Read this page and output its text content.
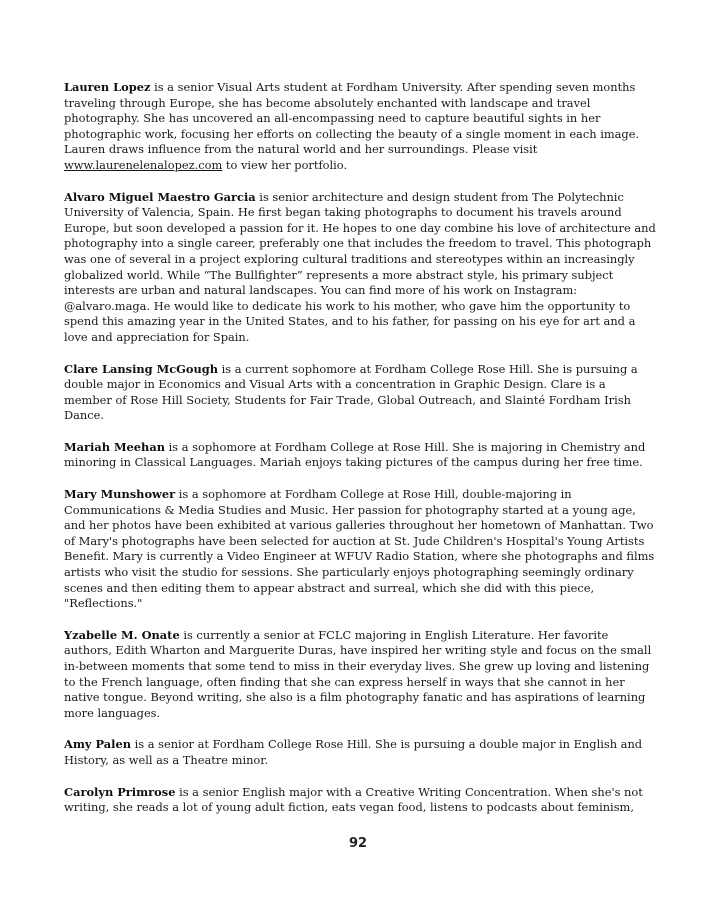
Lauren Lopez is a senior Visual Arts student at Fordham University. After spending seven months traveling through Europe, she has become absolutely enchanted with landscape and travel photography. She has uncovered an all-encompassing need to capture beautiful sights in her photographic work, focusing her efforts on collecting the beauty of a single moment in each image. Lauren draws influence from the natural world and her surroundings. Please visit www.laurenelenalopez.com to view her portfolio.

Alvaro Miguel Maestro Garcia is senior architecture and design student from The Polytechnic University of Valencia, Spain. He first began taking photographs to document his travels around Europe, but soon developed a passion for it. He hopes to one day combine his love of architecture and photography into a single career, preferably one that includes the freedom to travel. This photograph was one of several in a project exploring cultural traditions and stereotypes within an increasingly globalized world. While “The Bullfighter” represents a more abstract style, his primary subject interests are urban and natural landscapes. You can find more of his work on Instagram: @alvaro.maga. He would like to dedicate his work to his mother, who gave him the opportunity to spend this amazing year in the United States, and to his father, for passing on his eye for art and a love and appreciation for Spain.

Clare Lansing McGough is a current sophomore at Fordham College Rose Hill. She is pursuing a double major in Economics and Visual Arts with a concentration in Graphic Design. Clare is a member of Rose Hill Society, Students for Fair Trade, Global Outreach, and Slainté Fordham Irish Dance.

Mariah Meehan is a sophomore at Fordham College at Rose Hill. She is majoring in Chemistry and minoring in Classical Languages. Mariah enjoys taking pictures of the campus during her free time.

Mary Munshower is a sophomore at Fordham College at Rose Hill, double-majoring in Communications & Media Studies and Music. Her passion for photography started at a young age, and her photos have been exhibited at various galleries throughout her hometown of Manhattan. Two of Mary's photographs have been selected for auction at St. Jude Children's Hospital's Young Artists Benefit. Mary is currently a Video Engineer at WFUV Radio Station, where she photographs and films artists who visit the studio for sessions. She particularly enjoys photographing seemingly ordinary scenes and then editing them to appear abstract and surreal, which she did with this piece, "Reflections."

Yzabelle M. Onate is currently a senior at FCLC majoring in English Literature. Her favorite authors, Edith Wharton and Marguerite Duras, have inspired her writing style and focus on the small in-between moments that some tend to miss in their everyday lives. She grew up loving and listening to the French language, often finding that she can express herself in ways that she cannot in her native tongue. Beyond writing, she also is a film photography fanatic and has aspirations of learning more languages.

Amy Palen is a senior at Fordham College Rose Hill. She is pursuing a double major in English and History, as well as a Theatre minor.

Carolyn Primrose is a senior English major with a Creative Writing Concentration. When she's not writing, she reads a lot of young adult fiction, eats vegan food, listens to podcasts about feminism,

92
